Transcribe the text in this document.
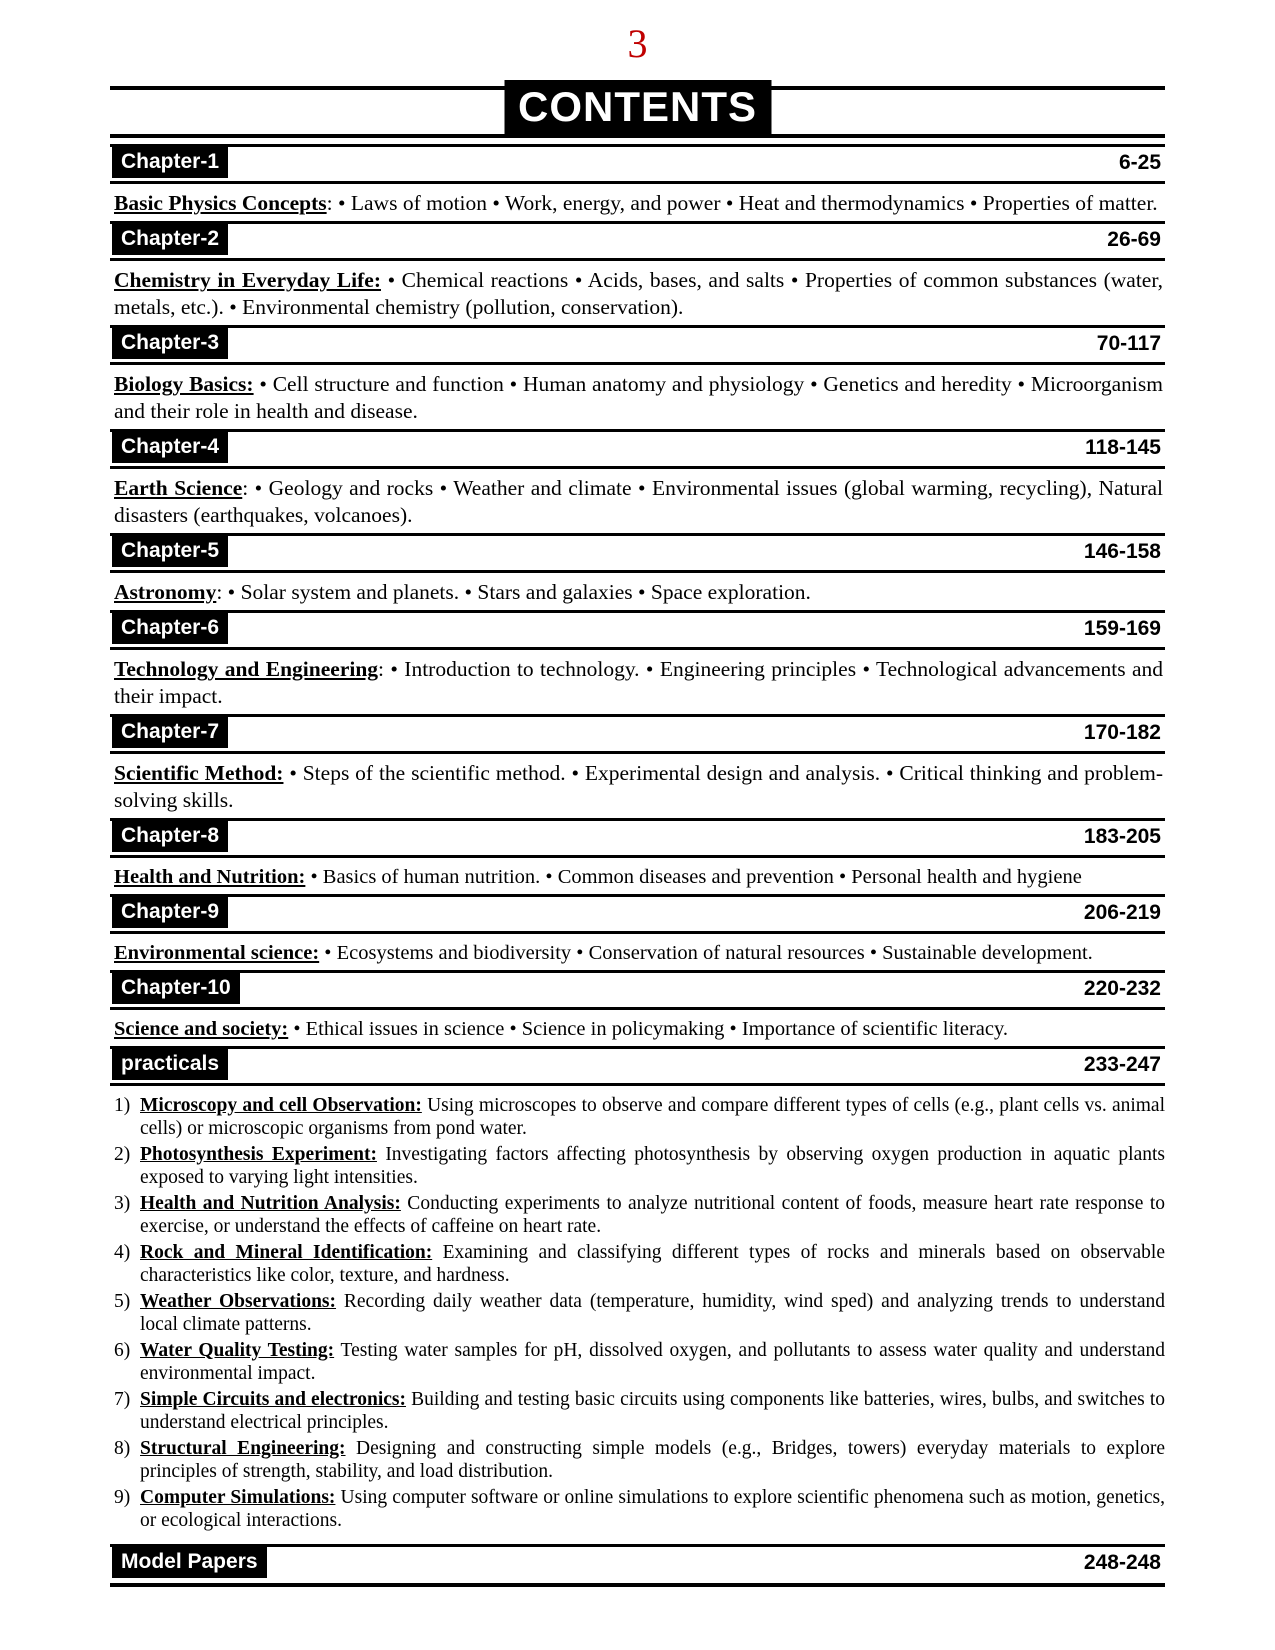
3
CONTENTS
Chapter-1	6-25

Basic Physics Concepts: • Laws of motion • Work, energy, and power • Heat and thermodynamics • Properties of matter.

Chapter-2	26-69

Chemistry in Everyday Life: • Chemical reactions • Acids, bases, and salts • Properties of common substances (water, metals, etc.). • Environmental chemistry (pollution, conservation).

Chapter-3	70-117

Biology Basics: • Cell structure and function • Human anatomy and physiology • Genetics and heredity • Microorganism and their role in health and disease.

Chapter-4	118-145

Earth Science: • Geology and rocks • Weather and climate • Environmental issues (global warming, recycling), Natural disasters (earthquakes, volcanoes).

Chapter-5	146-158

Astronomy: • Solar system and planets. • Stars and galaxies • Space exploration.

Chapter-6	159-169

Technology and Engineering: • Introduction to technology. • Engineering principles • Technological advancements and their impact.

Chapter-7	170-182

Scientific Method: • Steps of the scientific method. • Experimental design and analysis. • Critical thinking and problem-solving skills.

Chapter-8	183-205

Health and Nutrition: • Basics of human nutrition. • Common diseases and prevention • Personal health and hygiene

Chapter-9	206-219

Environmental science: • Ecosystems and biodiversity • Conservation of natural resources • Sustainable development.

Chapter-10	220-232

Science and society: • Ethical issues in science • Science in policymaking • Importance of scientific literacy.

practicals	233-247
1) Microscopy and cell Observation: Using microscopes to observe and compare different types of cells (e.g., plant cells vs. animal cells) or microscopic organisms from pond water.
2) Photosynthesis Experiment: Investigating factors affecting photosynthesis by observing oxygen production in aquatic plants exposed to varying light intensities.
3) Health and Nutrition Analysis: Conducting experiments to analyze nutritional content of foods, measure heart rate response to exercise, or understand the effects of caffeine on heart rate.
4) Rock and Mineral Identification: Examining and classifying different types of rocks and minerals based on observable characteristics like color, texture, and hardness.
5) Weather Observations: Recording daily weather data (temperature, humidity, wind sped) and analyzing trends to understand local climate patterns.
6) Water Quality Testing: Testing water samples for pH, dissolved oxygen, and pollutants to assess water quality and understand environmental impact.
7) Simple Circuits and electronics: Building and testing basic circuits using components like batteries, wires, bulbs, and switches to understand electrical principles.
8) Structural Engineering: Designing and constructing simple models (e.g., Bridges, towers) everyday materials to explore principles of strength, stability, and load distribution.
9) Computer Simulations: Using computer software or online simulations to explore scientific phenomena such as motion, genetics, or ecological interactions.
Model Papers	248-248
